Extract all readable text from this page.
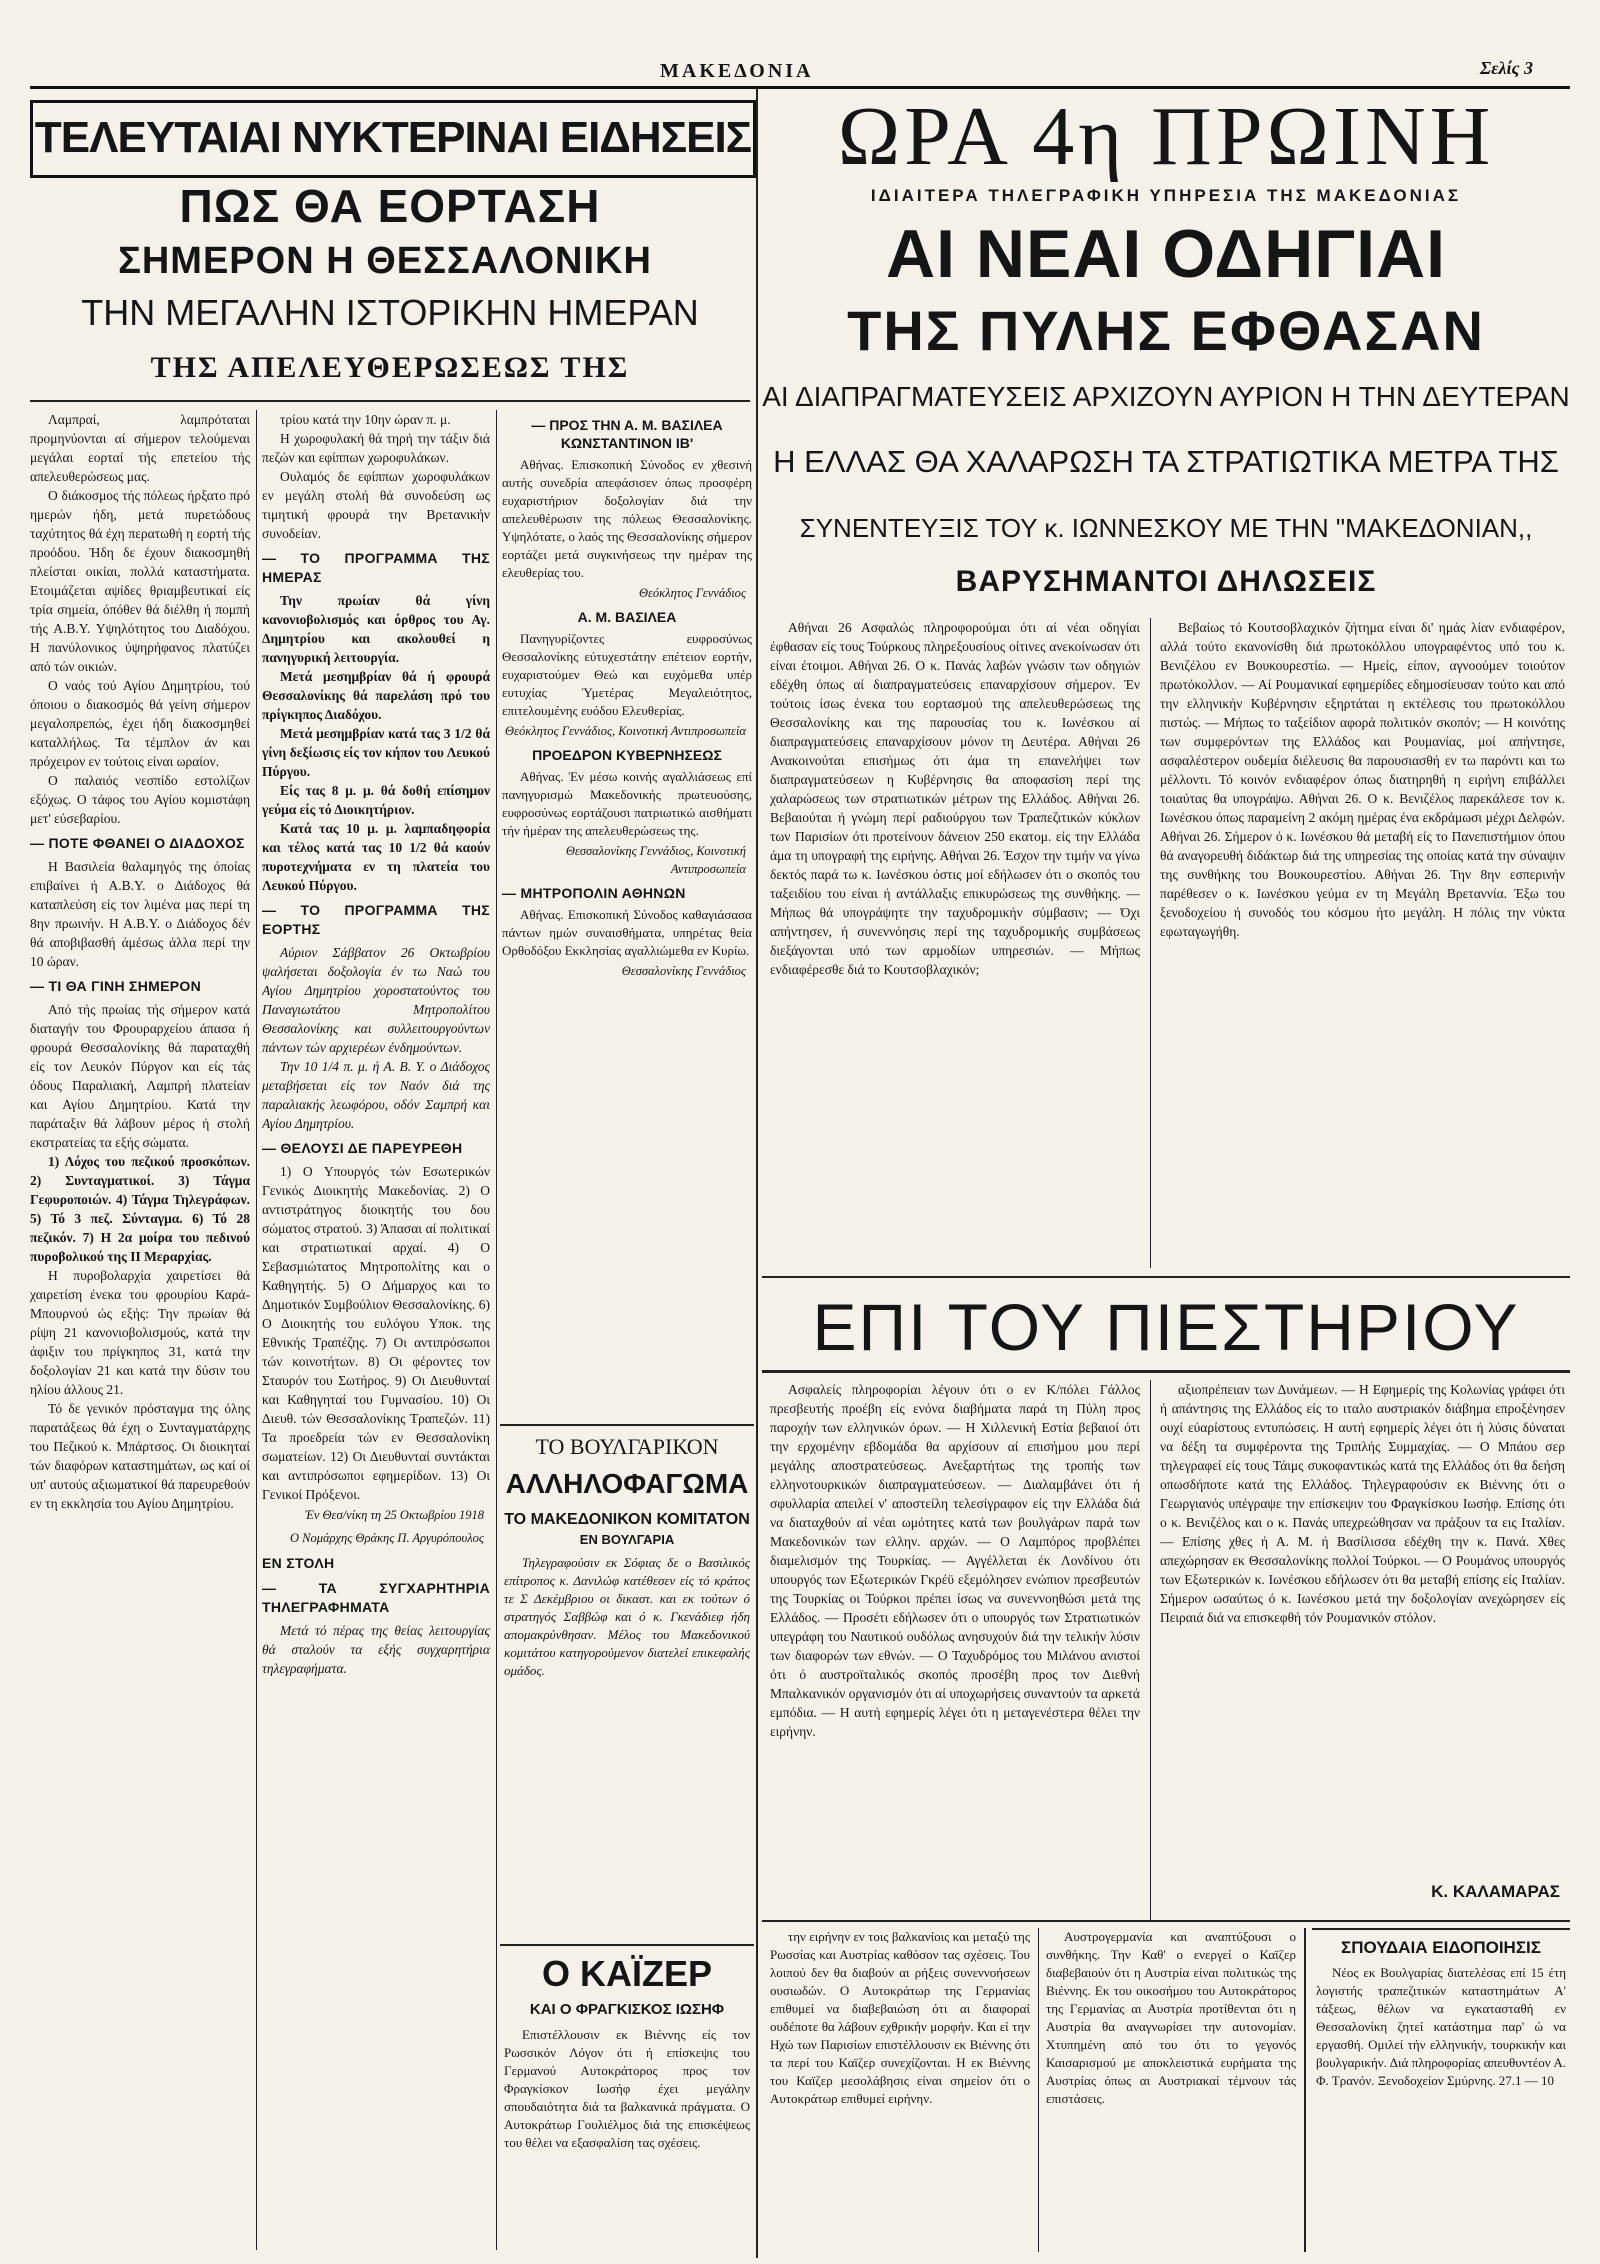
ΜΑΚΕΔΟΝΙΑ	Σελίς 3
ΤΕΛΕΥΤΑΙΑΙ ΝΥΚΤΕΡΙΝΑΙ ΕΙΔΗΣΕΙΣ
ΠΩΣ ΘΑ ΕΟΡΤΑΣΗ
ΣΗΜΕΡΟΝ Η ΘΕΣΣΑΛΟΝΙΚΗ
ΤΗΝ ΜΕΓΑΛΗΝ ΙΣΤΟΡΙΚΗΝ ΗΜΕΡΑΝ
ΤΗΣ ΑΠΕΛΕΥΘΕΡΩΣΕΩΣ ΤΗΣ
Λαμπραί, λαμπρόταται προμηνύονται αί σήμερον τελούμεναι μεγάλαι εορταί τής επετείου τής απελευθερώσεως μας.
Ο διάκοσμος τής πόλεως ήρξατο πρό ημερών ήδη, μετά πυρετώδους ταχύτητος θά έχη περατωθή η εορτή τής προόδου. Ήδη δε έχουν διακοσμηθή πλείσται οικίαι, πολλά καταστήματα. Ετοιμάζεται αψίδες θριαμβευτικαί είς τρία σημεία, όπόθεν θά διέλθη ή πομπή τής Α.Β.Υ. Υψηλότητος του Διαδόχου. Η πανύλονικος ύψηρήφανος πλατύζει από τών οικιών.
Ο ναός τού Αγίου Δημητρίου, τού όποιου ο διακοσμός θά γείνη σήμερον μεγαλοπρεπώς, έχει ήδη διακοσμηθεί καταλλήλως. Τα τέμπλον άν και πρόχειρον εν τούτοις είναι ωραίον.
Ο παλαιός νεσπίδο εστολίζων εξόχως. Ο τάφος του Αγίου κομιστάφη μετ' εύσεβαρίου.
— ΠΟΤΕ ΦΘΑΝΕΙ Ο ΔΙΑΔΟΧΟΣ
Η Βασιλεία θαλαμηγός της όποίας επιβαίνει ή Α.Β.Υ. ο Διάδοχος θά καταπλεύση είς τον λιμένα μας περί τη 8ην πρωινήν. Η Α.Β.Υ. ο Διάδοχος δέν θά αποβιβασθή άμέσως άλλα περί την 10 ώραν.
— ΤΙ ΘΑ ΓΙΝΗ ΣΗΜΕΡΟΝ
Από τής πρωίας τής σήμερον κατά διαταγήν του Φρουραρχείου άπασα ή φρουρά Θεσσαλονίκης θά παραταχθή είς τον Λευκόν Πύργον και είς τάς όδους Παραλιακή, Λαμπρή πλατείαν και Αγίου Δημητρίου. Κατά την παράταξιν θά λάβουν μέρος ή στολή εκστρατείας τα εξής σώματα.
1) Λόχος του πεζικού προσκόπων. 2) Συνταγματικοί. 3) Τάγμα Γεφυροποιών. 4) Τάγμα Τηλεγράφων. 5) Τό 3 πεζ. Σύνταγμα. 6) Τό 28 πεζικόν. 7) Η 2α μοίρα του πεδινού πυροβολικού της ΙΙ Μεραρχίας.
Η πυροβολαρχία χαιρετίσει θά χαιρετίση ένεκα του φρουρίου Καρά-Μπουρνού ώς εξής: Την πρωίαν θά ρίψη 21 κανονιοβολισμούς, κατά την άφιξιν του πρίγκηπος 31, κατά την δοξολογίαν 21 και κατά την δύσιν του ηλίου άλλους 21.
Τό δε γενικόν πρόσταγμα της όλης παρατάξεως θά έχη ο Συνταγματάρχης του Πεζικού κ. Μπάρτσος. Οι διοικηταί τών διαφόρων καταστημάτων, ως καί οί υπ' αυτούς αξιωματικοί θά παρευρεθούν εν τη εκκλησία του Αγίου Δημητρίου.
τρίου κατά την 10ην ώραν π. μ.
Η χωροφυλακή θά τηρή την τάξιν διά πεζών και εφίππων χωροφυλάκων.
Ουλαμός δε εφίππων χωροφυλάκων εν μεγάλη στολή θά συνοδεύση ως τιμητική φρουρά την Βρετανικήν συνοδείαν.
— ΤΟ ΠΡΟΓΡΑΜΜΑ ΤΗΣ ΗΜΕΡΑΣ
Την πρωίαν θά γίνη κανονιοβολισμός και όρθρος του Αγ. Δημητρίου και ακολουθεί η πανηγυρική λειτουργία.
Μετά μεσημβρίαν θά ή φρουρά Θεσσαλονίκης θά παρελάση πρό του πρίγκηπος Διαδόχου.
Μετά μεσημβρίαν κατά τας 3 1/2 θά γίνη δεξίωσις είς τον κήπον του Λευκού Πύργου.
Είς τας 8 μ. μ. θά δοθή επίσημον γεύμα είς τό Διοικητήριον.
Κατά τας 10 μ. μ. λαμπαδηφορία και τέλος κατά τας 10 1/2 θά καούν πυροτεχνήματα εν τη πλατεία του Λευκού Πύργου.
— ΤΟ ΠΡΟΓΡΑΜΜΑ ΤΗΣ ΕΟΡΤΗΣ
Αύριον Σάββατον 26 Οκτωβρίου ψαλήσεται δοξολογία έν τω Ναώ του Αγίου Δημητρίου χοροστατούντος του Παναγιωτάτου Μητροπολίτου Θεσσαλονίκης και συλλειτουργούντων πάντων τών αρχιερέων ένδημούντων.
Την 10 1/4 π. μ. ή Α. Β. Υ. ο Διάδοχος μεταβήσεται είς τον Ναόν διά της παραλιακής λεωφόρου, οδόν Σαμπρή και Αγίου Δημητρίου.
— ΘΕΛΟΥΣΙ ΔΕ ΠΑΡΕΥΡΕΘΗ
1) Ο Υπουργός τών Εσωτερικών Γενικός Διοικητής Μακεδονίας. 2) Ο αντιστράτηγος διοικητής του δου σώματος στρατού. 3) Άπασαι αί πολιτικαί και στρατιωτικαί αρχαί. 4) Ο Σεβασμιώτατος Μητροπολίτης και ο Καθηγητής. 5) Ο Δήμαρχος και το Δημοτικόν Συμβούλιον Θεσσαλονίκης. 6) Ο Διοικητής του ευλόγου Υποκ. της Εθνικής Τραπέζης. 7) Οι αντιπρόσωποι τών κοινοτήτων. 8) Οι φέροντες τον Σταυρόν του Σωτήρος. 9) Οι Διευθυνταί και Καθηγηταί του Γυμνασίου. 10) Οι Διευθ. τών Θεσσαλονίκης Τραπεζών. 11) Τα προεδρεία τών εν Θεσσαλονίκη σωματείων. 12) Οι Διευθυνταί συντάκται και αντιπρόσωποι εφημερίδων. 13) Οι Γενικοί Πρόξενοι.
Έν Θεσ/νίκη τη 25 Οκτωβρίου 1918
Ο Νομάρχης Θράκης Π. Αργυρόπουλος
ΕΝ ΣΤΟΛΗ
— ΤΑ ΣΥΓΧΑΡΗΤΗΡΙΑ ΤΗΛΕΓΡΑΦΗΜΑΤΑ
Μετά τό πέρας της θείας λειτουργίας θά σταλούν τα εξής συγχαρητήρια τηλεγραφήματα.
— ΠΡΟΣ ΤΗΝ Α. Μ. ΒΑΣΙΛΕΑ ΚΩΝΣΤΑΝΤΙΝΟΝ ΙΒ'
Αθήνας. Επισκοπική Σύνοδος εν χθεσινή αυτής συνεδρία απεφάσισεν όπως προσφέρη ευχαριστήριον δοξολογίαν διά την απελευθέρωσιν της πόλεως Θεσσαλονίκης. Υψηλότατε, ο λαός της Θεσσαλονίκης σήμερον εορτάζει μετά συγκινήσεως την ημέραν της ελευθερίας του.
Θεόκλητος Γεννάδιος
Α. Μ. ΒΑΣΙΛΕΑ
Πανηγυρίζοντες ευφροσύνως Θεσσαλονίκης εύτυχεστάτην επέτειον εορτήν, ευχαριστούμεν Θεώ και ευχόμεθα υπέρ ευτυχίας Ύμετέρας Μεγαλειότητος, επιτελουμένης ευόδου Ελευθερίας.
Θεόκλητος Γεννάδιος, Κοινοτική Αντιπροσωπεία
ΠΡΟΕΔΡΟΝ ΚΥΒΕΡΝΗΣΕΩΣ
Αθήνας. Έν μέσω κοινής αγαλλιάσεως επί πανηγυρισμώ Μακεδονικής πρωτευούσης, ευφροσύνως εορτάζουσι πατριωτικώ αισθήματι τήν ήμέραν της απελευθερώσεως της.
Θεσσαλονίκης Γεννάδιος, Κοινοτική Αντιπροσωπεία
— ΜΗΤΡΟΠΟΛΙΝ ΑΘΗΝΩΝ
Αθήνας. Επισκοπική Σύνοδος καθαγιάσασα πάντων ημών συναισθήματα, υπηρέτας θεία Ορθοδόξου Εκκλησίας αγαλλιώμεθα εν Κυρίω.
Θεσσαλονίκης Γεννάδιος
ΤΟ ΒΟΥΛΓΑΡΙΚΟΝ
ΑΛΛΗΛΟΦΑΓΩΜΑ
ΤΟ ΜΑΚΕΔΟΝΙΚΟΝ ΚΟΜΙΤΑΤΟΝ
ΕΝ ΒΟΥΛΓΑΡΙΑ
Τηλεγραφούσιν εκ Σόφιας δε ο Βασιλικός επίτροπος κ. Δανιλώφ κατέθεσεν είς τό κράτος τε Σ Δεκέμβριου οι δικαστ. και εκ τούτων ό στρατηγός Σαββώφ και ό κ. Γκενάδιεφ ήδη απομακρύνθησαν. Μέλος του Μακεδονικού κομιτάτου κατηγορούμενον διατελεί επικεφαλής ομάδος.
Ο ΚΑΪΖΕΡ
ΚΑΙ Ο ΦΡΑΓΚΙΣΚΟΣ ΙΩΣΗΦ
Επιστέλλουσιν εκ Βιέννης είς τον Ρωσσικόν Λόγον ότι ή επίσκεψις του Γερμανού Αυτοκράτορος προς τον Φραγκίσκον Ιωσήφ έχει μεγάλην σπουδαιότητα διά τα βαλκανικά πράγματα. Ο Αυτοκράτωρ Γουλιέλμος διά της επισκέψεως του θέλει να εξασφαλίση τας σχέσεις.
ΩΡΑ 4η ΠΡΩΙΝΗ
ΙΔΙΑΙΤΕΡΑ ΤΗΛΕΓΡΑΦΙΚΗ ΥΠΗΡΕΣΙΑ ΤΗΣ ΜΑΚΕΔΟΝΙΑΣ
ΑΙ ΝΕΑΙ ΟΔΗΓΙΑΙ
ΤΗΣ ΠΥΛΗΣ ΕΦΘΑΣΑΝ
ΑΙ ΔΙΑΠΡΑΓΜΑΤΕΥΣΕΙΣ ΑΡΧΙΖΟΥΝ ΑΥΡΙΟΝ Η ΤΗΝ ΔΕΥΤΕΡΑΝ
Η ΕΛΛΑΣ ΘΑ ΧΑΛΑΡΩΣΗ ΤΑ ΣΤΡΑΤΙΩΤΙΚΑ ΜΕΤΡΑ ΤΗΣ
ΣΥΝΕΝΤΕΥΞΙΣ ΤΟΥ κ. ΙΩΝΝΕΣΚΟΥ ΜΕ ΤΗΝ "ΜΑΚΕΔΟΝΙΑΝ,,
ΒΑΡΥΣΗΜΑΝΤΟΙ ΔΗΛΩΣΕΙΣ
Αθήναι 26 Ασφαλώς πληροφορούμαι ότι αί νέαι οδηγίαι έφθασαν είς τους Τούρκους πληρεξουσίους οίτινες ανεκοίνωσαν ότι είναι έτοιμοι. Αθήναι 26. Ο κ. Πανάς λαβών γνώσιν των οδηγιών εδέχθη όπως αί διαπραγματεύσεις επαναρχίσουν σήμερον. Έν τούτοις ίσως ένεκα του εορτασμού της απελευθερώσεως της Θεσσαλονίκης και της παρουσίας του κ. Ιωνέσκου αί διαπραγματεύσεις επαναρχίσουν μόνον τη Δευτέρα. Αθήναι 26 Ανακοινούται επισήμως ότι άμα τη επανελήψει των διαπραγματεύσεων η Κυβέρνησις θα αποφασίση περί της χαλαρώσεως των στρατιωτικών μέτρων της Ελλάδος. Αθήναι 26. Βεβαιούται ή γνώμη περί ραδιούργου των Τραπεζιτικών κύκλων των Παρισίων ότι προτείνουν δάνειον 250 εκατομ. είς την Ελλάδα άμα τη υπογραφή της ειρήνης. Αθήναι 26. Έσχον την τιμήν να γίνω δεκτός παρά τω κ. Ιωνέσκου όστις μοί εδήλωσεν ότι ο σκοπός του ταξειδίου του είναι ή αντάλλαξις επικυρώσεως της συνθήκης. — Μήπως θά υπογράψητε την ταχυδρομικήν σύμβασιν; — Όχι απήντησεν, ή συνεννόησις περί της ταχυδρομικής συμβάσεως διεξάγονται υπό των αρμοδίων υπηρεσιών. — Μήπως ενδιαφέρεσθε διά το Κουτσοβλαχικόν;
Βεβαίως τό Κουτσοβλαχικόν ζήτημα είναι δι' ημάς λίαν ενδιαφέρον, αλλά τούτο εκανονίσθη διά πρωτοκόλλου υπογραφέντος υπό του κ. Βενιζέλου εν Βουκουρεστίω. — Ημείς, είπον, αγνοούμεν τοιούτον πρωτόκολλον. — Αί Ρουμανικαί εφημερίδες εδημοσίευσαν τούτο και από την ελληνικήν Κυβέρνησιν εξηρτάται η εκτέλεσις του πρωτοκόλλου πιστώς. — Μήπως το ταξείδιον αφορά πολιτικόν σκοπόν; — Η κοινότης των συμφερόντων της Ελλάδος και Ρουμανίας, μοί απήντησε, ασφαλέστερον ουδεμία διέλευσις θα παρουσιασθή εν τω παρόντι και τω μέλλοντι. Τό κοινόν ενδιαφέρον όπως διατηρηθή η ειρήνη επιβάλλει τοιαύτας θα υπογράψω. Αθήναι 26. Ο κ. Βενιζέλος παρεκάλεσε τον κ. Ιωνέσκου όπως παραμείνη 2 ακόμη ημέρας ένα εκδράμωσι μέχρι Δελφών. Αθήναι 26. Σήμερον ό κ. Ιωνέσκου θά μεταβή είς το Πανεπιστήμιον όπου θά αναγορευθή διδάκτωρ διά της υπηρεσίας της οποίας κατά την σύναψιν της συνθήκης του Βουκουρεστίου. Αθήναι 26. Την 8ην εσπερινήν παρέθεσεν ο κ. Ιωνέσκου γεύμα εν τη Μεγάλη Βρεταννία. Έξω του ξενοδοχείου ή συνοδός του κόσμου ήτο μεγάλη. Η πόλις την νύκτα εφωταγωγήθη.
ΕΠΙ ΤΟΥ ΠΙΕΣΤΗΡΙΟΥ
Ασφαλείς πληροφορίαι λέγουν ότι ο εν Κ/πόλει Γάλλος πρεσβευτής προέβη είς ενόνα διαβήματα παρά τη Πύλη προς παροχήν των ελληνικών όρων. — Η Χιλλενική Εστία βεβαιοί ότι την ερχομένην εβδομάδα θα αρχίσουν αί επισήμου μου περί μεγάλης αποστρατεύσεως. Ανεξαρτήτως της τροπής των ελληνοτουρκικών διαπραγματεύσεων. — Διαλαμβάνει ότι ή σφυλλαρία απειλεί ν' αποστείλη τελεσίγραφον είς την Ελλάδα διά να διαταχθούν αί νέαι ωμότητες κατά των βουλγάρων παρά των Μακεδονικών των ελλην. αρχών. — Ο Λαμπόρος προβλέπει διαμελισμόν της Τουρκίας. — Αγγέλλεται έκ Λονδίνου ότι υπουργός των Εξωτερικών Γκρέϋ εξεμόλησεν ενώπιον πρεσβευτών της Τουρκίας οι Τούρκοι πρέπει ίσως να συνεννοηθώσι μετά της Ελλάδος. — Προσέτι εδήλωσεν ότι ο υπουργός των Στρατιωτικών υπεγράφη του Ναυτικού ουδόλως ανησυχούν διά την τελικήν λύσιν των διαφορών των εθνών. — Ο Ταχυδρόμος του Μιλάνου ανιστοί ότι ό αυστροϊταλικός σκοπός προσέβη προς τον Διεθνή Μπαλκανικόν οργανισμόν ότι αί υποχωρήσεις συναντούν τα αρκετά εμπόδια. — Η αυτή εφημερίς λέγει ότι η μεταγενέστερα θέλει την ειρήνην.
αξιοπρέπειαν των Δυνάμεων. — Η Εφημερίς της Κολωνίας γράφει ότι ή απάντησις της Ελλάδος είς το ιταλο αυστριακόν διάβημα επροξένησεν ουχί εύαρίστους εντυπώσεις. Η αυτή εφημερίς λέγει ότι ή λύσις δύναται να δέξη τα συμφέροντα της Τριπλής Συμμαχίας. — Ο Μπάου σερ τηλεγραφεί είς τους Τάιμς συκοφαντικώς κατά της Ελλάδος ότι θα δεήση οπωσδήποτε κατά της Ελλάδος. Τηλεγραφούσιν εκ Βιέννης ότι ο Γεωργιανός υπέγραψε την επίσκεψιν του Φραγκίσκου Ιωσήφ. Επίσης ότι ο κ. Βενιζέλος και ο κ. Πανάς υπεχρεώθησαν να πράξουν τα εις Ιταλίαν. — Επίσης χθες ή Α. Μ. ή Βασίλισσα εδέχθη την κ. Πανά. Χθες απεχώρησαν εκ Θεσσαλονίκης πολλοί Τούρκοι. — Ο Ρουμάνος υπουργός των Εξωτερικών κ. Ιωνέσκου εδήλωσεν ότι θα μεταβή επίσης είς Ιταλίαν. Σήμερον ωσαύτως ό κ. Ιωνέσκου μετά την δοξολογίαν ανεχώρησεν είς Πειραιά διά να επισκεφθή τόν Ρουμανικόν στόλον.
Κ. ΚΑΛΑΜΑΡΑΣ
την ειρήνην εν τοις βαλκανίοις και μεταξύ της Ρωσσίας και Αυστρίας καθόσον τας σχέσεις. Του λοιπού δεν θα διαβούν αι ρήξεις συνεννοήσεων ουσιωδών. Ο Αυτοκράτωρ της Γερμανίας επιθυμεί να διαβεβαιώση ότι αι διαφοραί ουδέποτε θα λάβουν εχθρικήν μορφήν. Και εί την Ηχώ των Παρισίων επιστέλλουσιν εκ Βιέννης ότι τα περί του Καϊζερ συνεχίζονται. Η εκ Βιέννης του Καϊζερ μεσολάβησις είναι σημείον ότι ο Αυτοκράτωρ επιθυμεί ειρήνην.
Αυστρογερμανία και αναπτύξουσι ο συνθήκης. Την Καθ' ο ενεργεί ο Καϊζερ διαβεβαιούν ότι η Αυστρία είναι πολιτικώς της Βιέννης. Εκ του οικοσήμου του Αυτοκράτορος της Γερμανίας αι Αυστρία προτίθενται ότι η Αυστρία θα αναγνωρίσει την αυτονομίαν. Χτυπημένη από του ότι το γεγονός Καισαρισμού με αποκλειστικά ευρήματα της Αυστρίας όπως αι Αυστριακαί τέμνουν τάς επιστάσεις.
ΣΠΟΥΔΑΙΑ ΕΙΔΟΠΟΙΗΣΙΣ
Νέος εκ Βουλγαρίας διατελέσας επί 15 έτη λογιστής τραπεζιτικών καταστημάτων Α' τάξεως, θέλων να εγκατασταθή εν Θεσσαλονίκη ζητεί κατάστημα παρ' ώ να εργασθή. Ομιλεί τήν ελληνικήν, τουρκικήν και βουλγαρικήν. Διά πληροφορίας απευθυντέον Α. Φ. Τρανόν. Ξενοδοχείον Σμύρνης. 27.1 — 10
